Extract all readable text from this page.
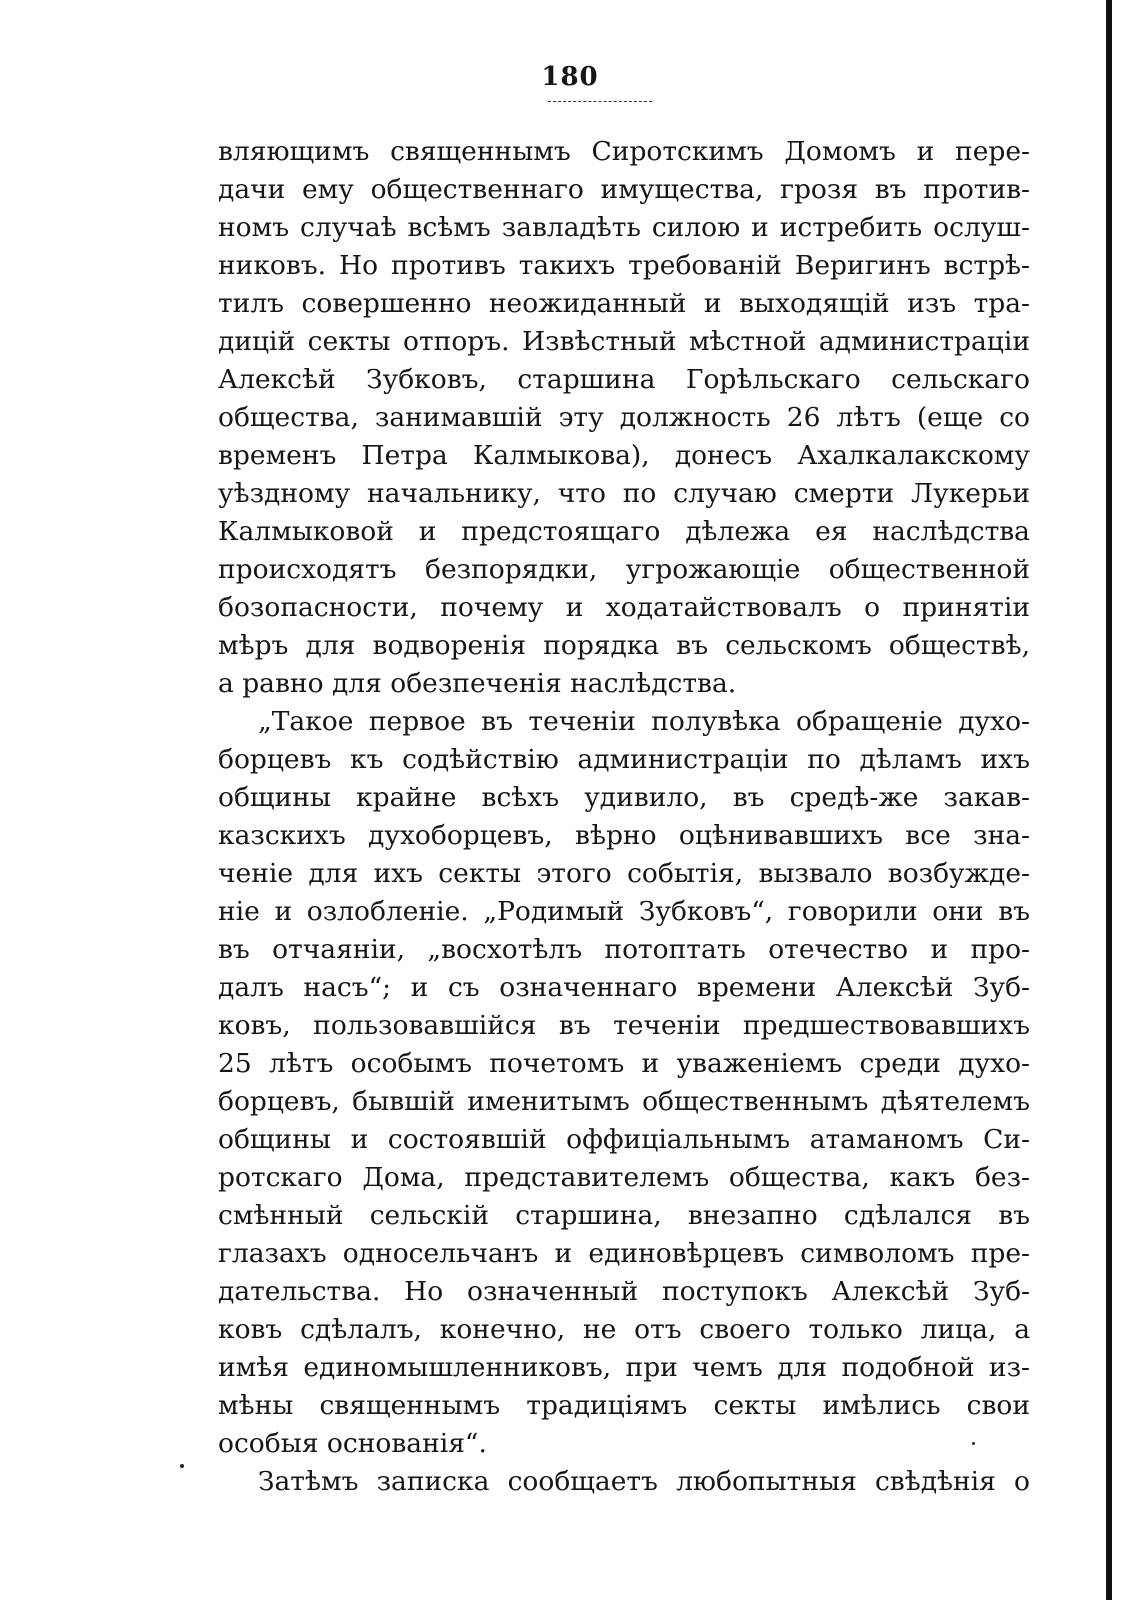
180
вляющимъ священнымъ Сиротскимъ Домомъ и пере-
дачи ему общественнаго имущества, грозя въ против-
номъ случаѣ всѣмъ завладѣть силою и истребить ослуш-
никовъ. Но противъ такихъ требованій Веригинъ встрѣ-
тилъ совершенно неожиданный и выходящій изъ тра-
дицій секты отпоръ. Извѣстный мѣстной администраціи
Алексѣй Зубковъ, старшина Горѣльскаго сельскаго
общества, занимавшій эту должность 26 лѣтъ (еще со
временъ Петра Калмыкова), донесъ Ахалкалакскому
уѣздному начальнику, что по случаю смерти Лукерьи
Калмыковой и предстоящаго дѣлежа ея наслѣдства
происходятъ безпорядки, угрожающіе общественной
бозопасности, почему и ходатайствовалъ о принятіи
мѣръ для водворенія порядка въ сельскомъ обществѣ,
а равно для обезпеченія наслѣдства.
„Такое первое въ теченіи полувѣка обращеніе духо-
борцевъ къ содѣйствію администраціи по дѣламъ ихъ
общины крайне всѣхъ удивило, въ средѣ-же закав-
казскихъ духоборцевъ, вѣрно оцѣнивавшихъ все зна-
ченіе для ихъ секты этого событія, вызвало возбужде-
ніе и озлобленіе. „Родимый Зубковъ“, говорили они въ
въ отчаяніи, „восхотѣлъ потоптать отечество и про-
далъ насъ“; и съ означеннаго времени Алексѣй Зуб-
ковъ, пользовавшійся въ теченіи предшествовавшихъ
25 лѣтъ особымъ почетомъ и уваженіемъ среди духо-
борцевъ, бывшій именитымъ общественнымъ дѣятелемъ
общины и состоявшій оффиціальнымъ атаманомъ Си-
ротскаго Дома, представителемъ общества, какъ без-
смѣнный сельскій старшина, внезапно сдѣлался въ
глазахъ односельчанъ и единовѣрцевъ символомъ пре-
дательства. Но означенный поступокъ Алексѣй Зуб-
ковъ сдѣлалъ, конечно, не отъ своего только лица, а
имѣя единомышленниковъ, при чемъ для подобной из-
мѣны священнымъ традиціямъ секты имѣлись свои
особыя основанія“.
Затѣмъ записка сообщаетъ любопытныя свѣдѣнія о
